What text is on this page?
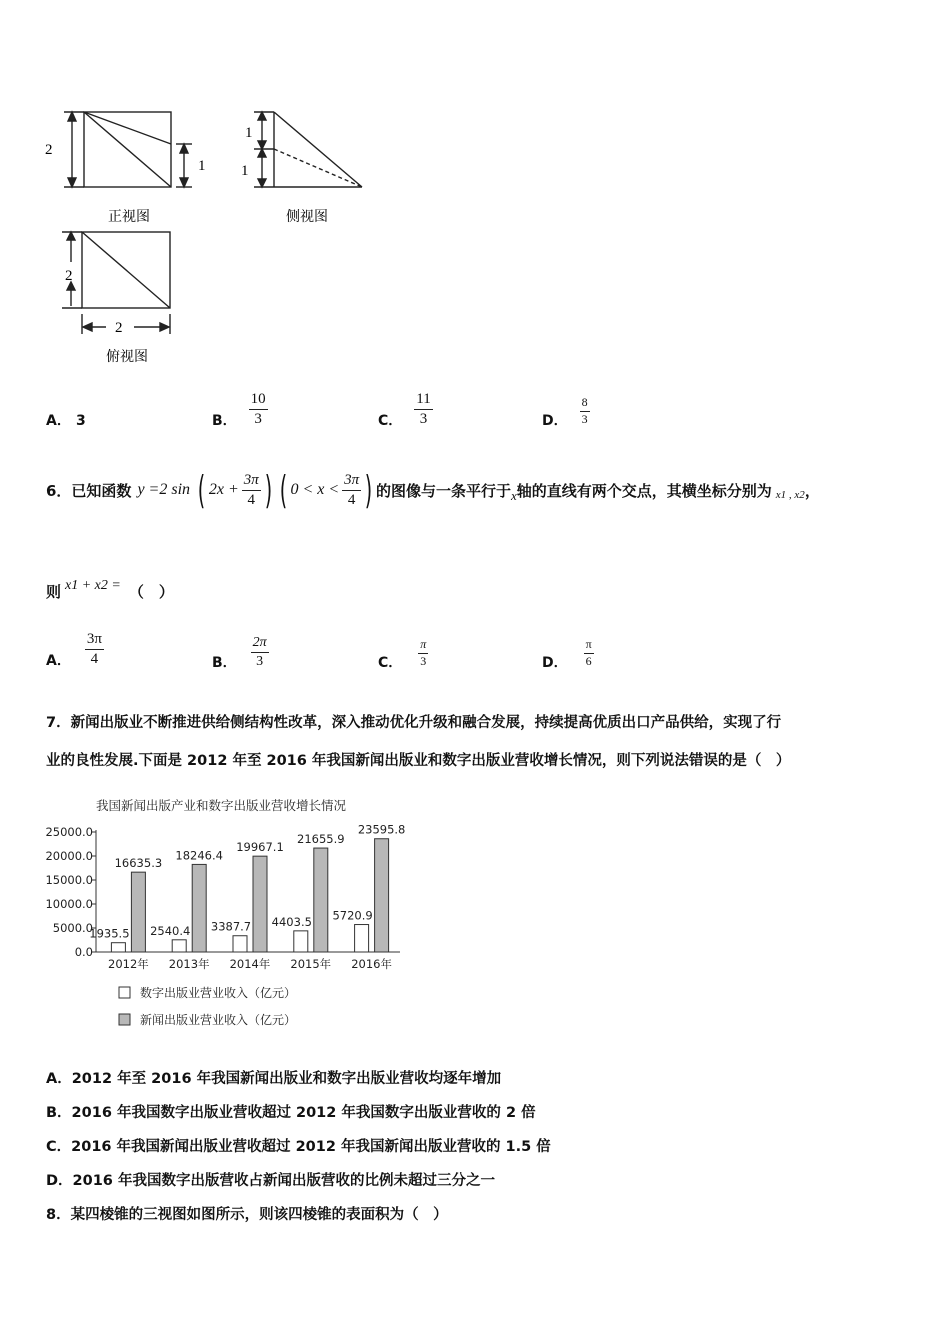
2
1
正视图
1
1
侧视图
2
2
俯视图
A． 3	B． $\frac{10}{3}$	C． $\frac{11}{3}$	D． $\frac{8}{3}$
6．已知函数 y =2 sin ( $2x + \frac{3\pi}{4}$ ) ( $0 < x < \frac{3\pi}{4}$ ) 的图像与一条平行于 x 轴的直线有两个交点，其横坐标分别为 x1 , x2 ，
则 x1 + x2 = （　）
A． $\frac{3\pi}{4}$	B． $\frac{2\pi}{3}$	C． $\frac{\pi}{3}$	D． $\frac{\pi}{6}$
7．新闻出版业不断推进供给侧结构性改革，深入推动优化升级和融合发展，持续提高优质出口产品供给，实现了行
业的良性发展.下面是 2012 年至 2016 年我国新闻出版业和数字出版业营收增长情况，则下列说法错误的是（　）
我国新闻出版产业和数字出版业营收增长情况
25000.0
20000.0
15000.0
10000.0
5000.0
0.0
1935.5
16635.3
2540.4
18246.4
3387.7
19967.1
4403.5
21655.9
5720.9
23595.8
2012年 2013年 2014年 2015年 2016年
数字出版业营业收入（亿元）
新闻出版业营业收入（亿元）
A．2012 年至 2016 年我国新闻出版业和数字出版业营收均逐年增加
B．2016 年我国数字出版业营收超过 2012 年我国数字出版业营收的 2 倍
C．2016 年我国新闻出版业营收超过 2012 年我国新闻出版业营收的 1.5 倍
D．2016 年我国数字出版营收占新闻出版营收的比例未超过三分之一
8．某四棱锥的三视图如图所示，则该四棱锥的表面积为（　）
